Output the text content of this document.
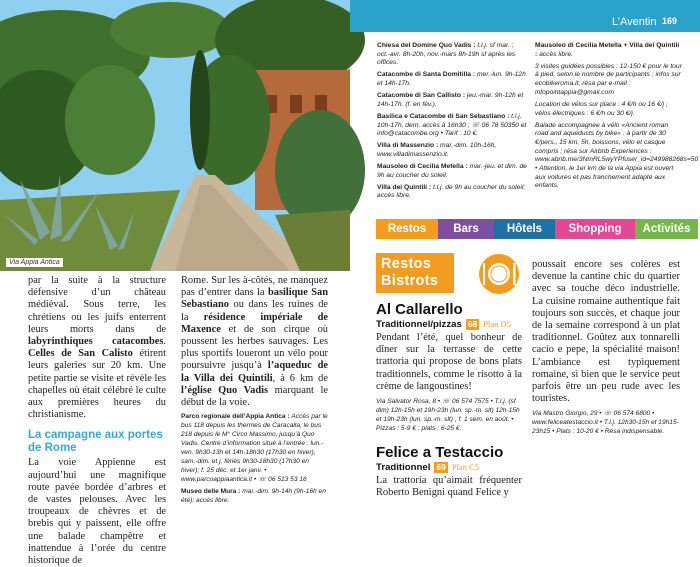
Via Appia Antica

par la suite à la structure défensive d’un château médiéval. Sous terre, les chrétiens ou les juifs enterrent leurs morts dans de labyrinthiques catacombes. Celles de San Calisto étirent leurs galeries sur 20 km. Une petite partie se visite et révèle les chapelles où était célébré le culte aux premières heures du christianisme.

La campagne aux portes de Rome

La voie Appienne est aujourd’hui une magnifique route pavée bordée d’arbres et de vastes pelouses. Avec les troupeaux de chèvres et de brebis qui y paissent, elle offre une balade champêtre et inattendue à l’orée du centre historique de

Rome. Sur les à-côtés, ne manquez pas d’entrer dans la basilique San Sebastiano ou dans les ruines de la résidence impériale de Maxence et de son cirque où poussent les herbes sauvages. Les plus sportifs loueront un vélo pour poursuivre jusqu’à l’aqueduc de la Villa dei Quintili, à 6 km de l’église Quo Vadis marquant le début de la voie.

Parco regionale dell’Appia Antica : Accès par le bus 118 depuis les thermes de Caracalla, le bus 218 depuis le M° Circo Massimo, jusqu’à Quo Vadis. Centre d’information situé à l’entrée : lun.-ven. 9h30-13h et 14h-18h30 (17h30 en hiver), sam.-dim. et j. fériés 9h30-18h30 (17h30 en hiver); f. 25 déc. et 1er janv. • www.parcoappiaantica.it • ☏ 06 513 53 16
Museo delle Mura : mar.-dim. 9h-14h (9h-16h en été); accès libre.
L’Aventin 169

Chiesa del Domine Quo Vadis : t.l.j. sf mar. ; oct.-avr. 8h-20h, nov.-mars 8h-19h sf après les offices.

Catacombe di Santa Domitilla : mer.-lun. 9h-12h et 14h-17h.

Catacombe di San Callisto : jeu.-mar. 9h-12h et 14h-17h. (f. en fév.).

Basilica e Catacombe di San Sebastiano : t.l.j. 10h-17h, dern. accès à 16h30 ; ☏ 06 78 50350 et info@catacombe.org • Tarif : 10 €.

Villa di Massenzio : mar.-dim. 10h-16h, www.villadimassenzio.it.

Mausoleo di Cecilia Metella : mar.-jeu. et dim. de 9h au coucher du soleil.

Villa dei Quintili : t.l.j. de 9h au coucher du soleil; accès libre.

Mausoleo di Cecilia Metella + Villa dei Quintili : accès libre.

3 visites guidées possibles : 12-150 € pour le tour à pied, selon le nombre de participants ; infos sur ecobikeroma.it; résa par e-mail : infopointappia@gmail.com

Location de vélos sur place : 4 €/h ou 16 €/j ; vélos électriques : 6 €/h ou 30 €/j.

Balade accompagnée à vélo «Ancient roman road and aqueducts by bike» : à partir de 30 €/pers., 15 km, 5h, boissons, vélo et casque compris ; résa sur Airbnb Experiences : www.abnb.me/3NmRL5wyYPfuser_id=249988268s=50 • Attention, le 1er km de la via Appia est ouvert aux voitures et pas franchement adapté aux enfants.

Restos	Bars	Hôtels	Shopping	Activités
Restos
Bistrots
Al Callarello
Traditionnel/pizzas 68 Plan D5

Pendant l’été, quel bonheur de dîner sur la terrasse de cette trattoria qui propose de bons plats traditionnels, comme le risotto à la crème de langoustines!

Via Salvator Rosa, 8 • ☏ 06 574 7575 • T.l.j. (sf dim) 12h-15h et 19h-23h (lun. sp.-m. slt) 12h-15h et 19h-23h (lun. sp.-m. slt) ; f. 1 sem. en août. • Pizzas : 5-9 € ; plats : 6-25 €.
Felice a Testaccio
Traditionnel 69 Plan C5

La trattoria qu’aimait fréquenter Roberto Benigni quand Felice y

poussait encore ses colères est devenue la cantine chic du quartier avec sa touche déco industrielle. La cuisine romaine authentique fait toujours son succès, et chaque jour de la semaine correspond à un plat traditionnel. Goûtez aux tonnarelli cacio e pepe, la spécialité maison! L’ambiance est typiquement romaine, si bien que le service peut parfois être un peu rude avec les touristes.

Via Mastro Giorgio, 29 • ☏ 06 574 6800 • www.feliceatestaccio.it • T.l.j. 12h30-15h et 19h15-23h15 • Plats : 10-20 € • Résa indispensable.
